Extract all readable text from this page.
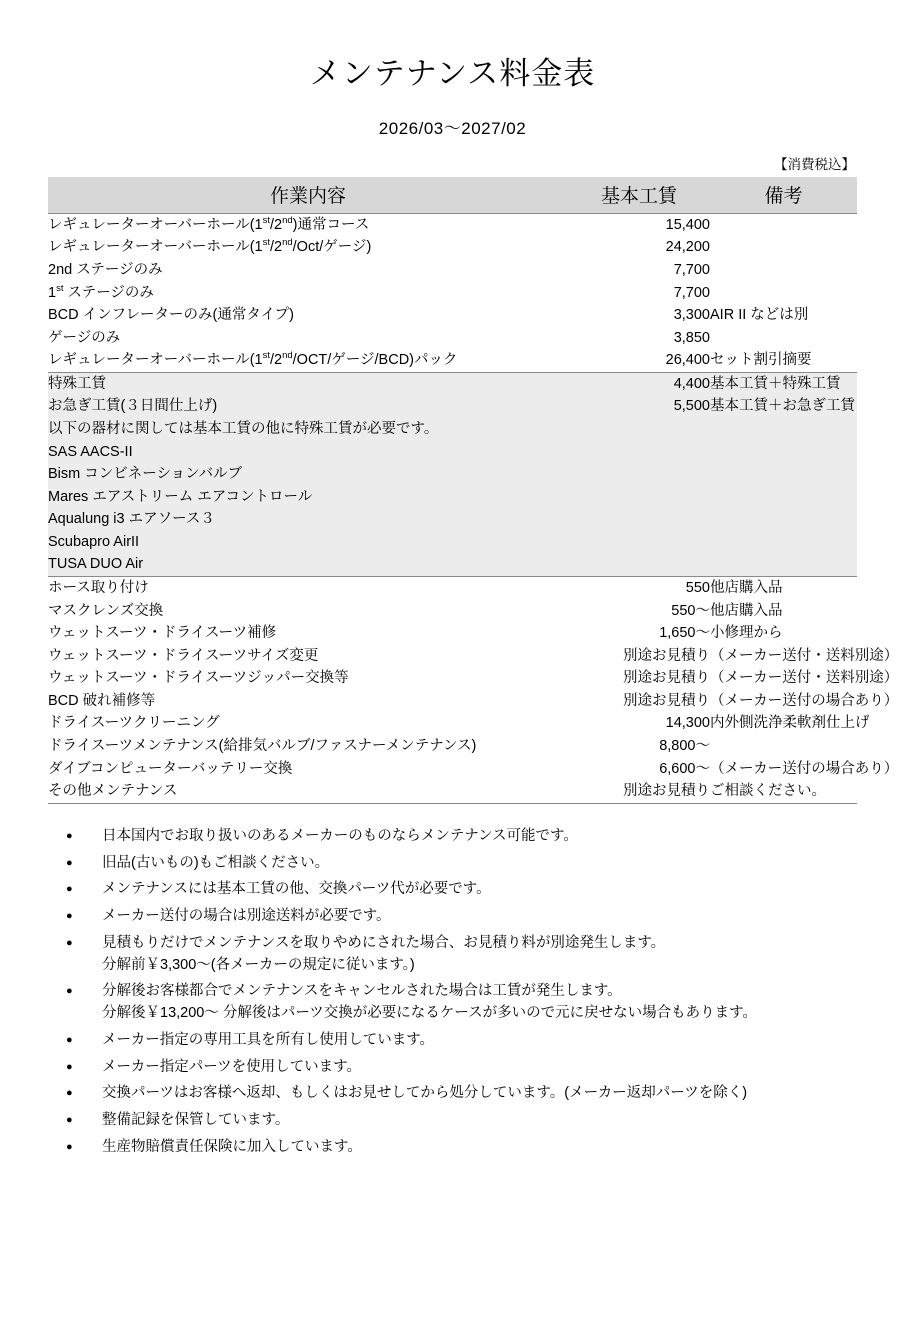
メンテナンス料金表
2026/03～2027/02
【消費税込】
作業内容	基本工賃	備考
レギュレーターオーバーホール(1st/2nd)通常コース	15,400	
レギュレーターオーバーホール(1st/2nd/Oct/ゲージ)	24,200	
2nd ステージのみ	7,700	
1st ステージのみ	7,700	
BCD インフレーターのみ(通常タイプ)	3,300	AIR II などは別
ゲージのみ	3,850	
レギュレーターオーバーホール(1st/2nd/OCT/ゲージ/BCD)パック	26,400	セット割引摘要
特殊工賃	4,400	基本工賃＋特殊工賃
お急ぎ工賃(３日間仕上げ)	5,500	基本工賃＋お急ぎ工賃
以下の器材に関しては基本工賃の他に特殊工賃が必要です。		
SAS AACS-II		
Bism コンビネーションバルブ		
Mares エアストリーム エアコントロール		
Aqualung i3 エアソース３		
Scubapro AirII		
TUSA DUO Air		
ホース取り付け	550	他店購入品
マスクレンズ交換	550～	他店購入品
ウェットスーツ・ドライスーツ補修	1,650～	小修理から
ウェットスーツ・ドライスーツサイズ変更	別途お見積り	（メーカー送付・送料別途）
ウェットスーツ・ドライスーツジッパー交換等	別途お見積り	（メーカー送付・送料別途）
BCD 破れ補修等	別途お見積り	（メーカー送付の場合あり）
ドライスーツクリーニング	14,300	内外側洗浄柔軟剤仕上げ
ドライスーツメンテナンス(給排気バルブ/ファスナーメンテナンス)	8,800～	
ダイブコンピューターバッテリー交換	6,600～	（メーカー送付の場合あり）
その他メンテナンス	別途お見積り	ご相談ください。
● 日本国内でお取り扱いのあるメーカーのものならメンテナンス可能です。
● 旧品(古いもの)もご相談ください。
● メンテナンスには基本工賃の他、交換パーツ代が必要です。
● メーカー送付の場合は別途送料が必要です。
● 見積もりだけでメンテナンスを取りやめにされた場合、お見積り料が別途発生します。
分解前￥3,300～(各メーカーの規定に従います。)
● 分解後お客様都合でメンテナンスをキャンセルされた場合は工賃が発生します。
分解後￥13,200～ 分解後はパーツ交換が必要になるケースが多いので元に戻せない場合もあります。
● メーカー指定の専用工具を所有し使用しています。
● メーカー指定パーツを使用しています。
● 交換パーツはお客様へ返却、もしくはお見せしてから処分しています。(メーカー返却パーツを除く)
● 整備記録を保管しています。
● 生産物賠償責任保険に加入しています。
